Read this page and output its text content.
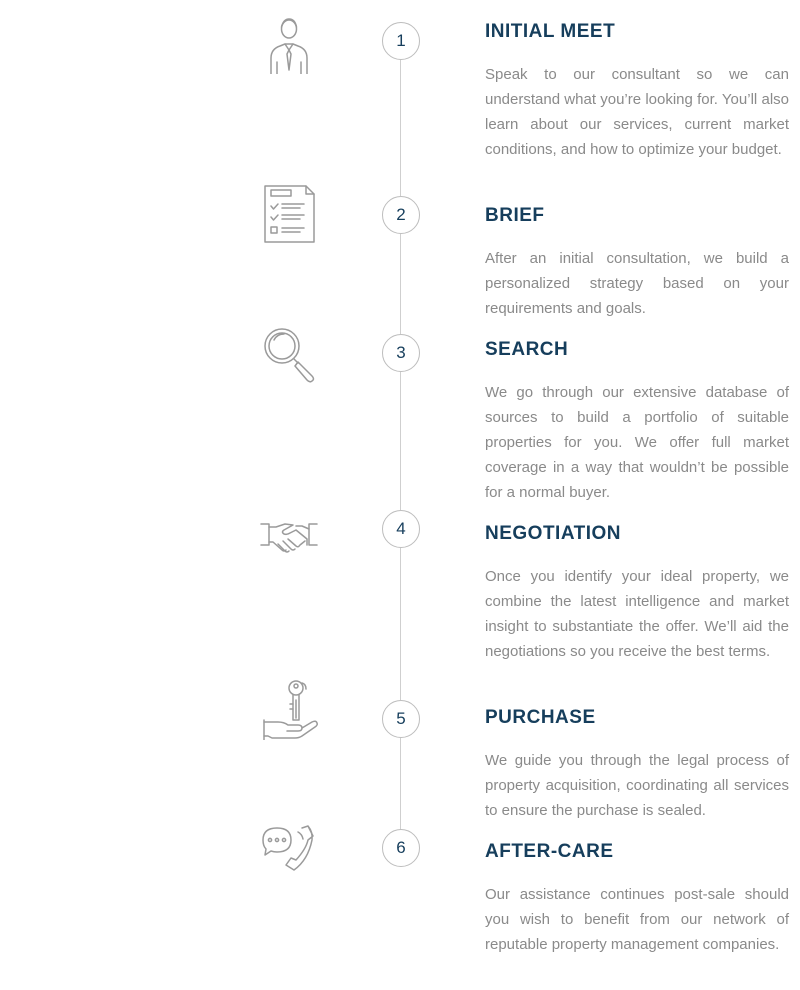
1	INITIAL MEET

Speak to our consultant so we can understand what you’re looking for. You’ll also learn about our services, current market conditions, and how to optimize your budget.

2	BRIEF

After an initial consultation, we build a personalized strategy based on your requirements and goals.

3	SEARCH

We go through our extensive database of sources to build a portfolio of suitable properties for you. We offer full market coverage in a way that wouldn’t be possible for a normal buyer.

4	NEGOTIATION

Once you identify your ideal property, we combine the latest intelligence and market insight to substantiate the offer. We’ll aid the negotiations so you receive the best terms.

5	PURCHASE

We guide you through the legal process of property acquisition, coordinating all services to ensure the purchase is sealed.

6	AFTER-CARE

Our assistance continues post-sale should you wish to benefit from our network of reputable property management companies.
